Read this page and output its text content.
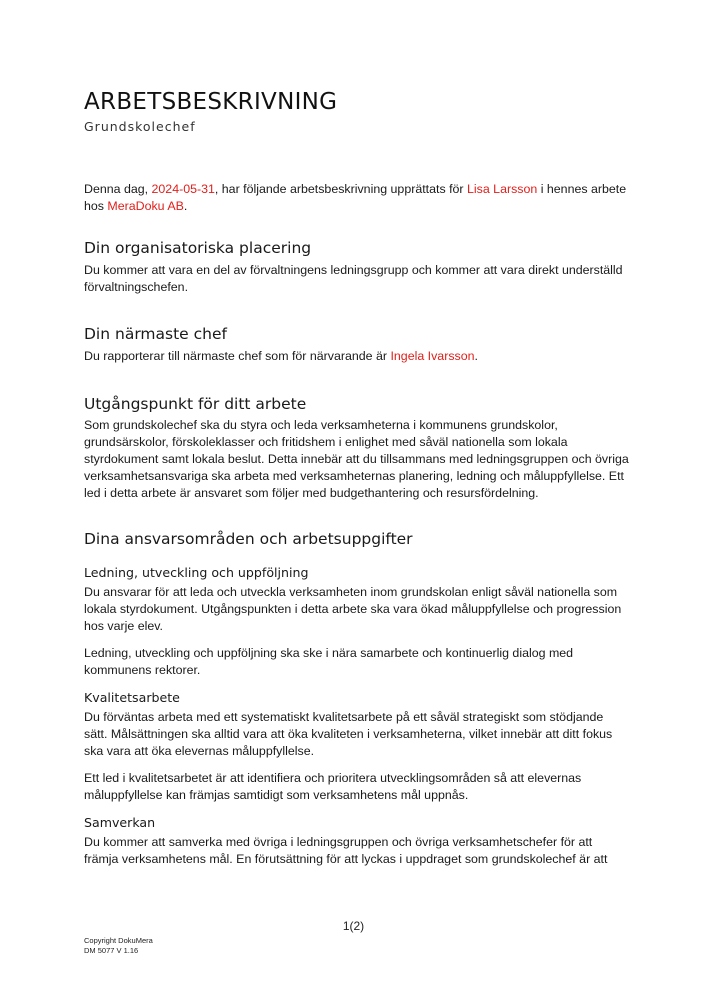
ARBETSBESKRIVNING
Grundskolechef

Denna dag, 2024-05-31, har följande arbetsbeskrivning upprättats för Lisa Larsson i hennes arbete hos MeraDoku AB.

Din organisatoriska placering

Du kommer att vara en del av förvaltningens ledningsgrupp och kommer att vara direkt underställd förvaltningschefen.

Din närmaste chef

Du rapporterar till närmaste chef som för närvarande är Ingela Ivarsson.

Utgångspunkt för ditt arbete

Som grundskolechef ska du styra och leda verksamheterna i kommunens grundskolor, grundsärskolor, förskoleklasser och fritidshem i enlighet med såväl nationella som lokala styrdokument samt lokala beslut. Detta innebär att du tillsammans med ledningsgruppen och övriga verksamhetsansvariga ska arbeta med verksamheternas planering, ledning och måluppfyllelse. Ett led i detta arbete är ansvaret som följer med budgethantering och resursfördelning.

Dina ansvarsområden och arbetsuppgifter
Ledning, utveckling och uppföljning

Du ansvarar för att leda och utveckla verksamheten inom grundskolan enligt såväl nationella som lokala styrdokument. Utgångspunkten i detta arbete ska vara ökad måluppfyllelse och progression hos varje elev.

Ledning, utveckling och uppföljning ska ske i nära samarbete och kontinuerlig dialog med kommunens rektorer.

Kvalitetsarbete

Du förväntas arbeta med ett systematiskt kvalitetsarbete på ett såväl strategiskt som stödjande sätt. Målsättningen ska alltid vara att öka kvaliteten i verksamheterna, vilket innebär att ditt fokus ska vara att öka elevernas måluppfyllelse.

Ett led i kvalitetsarbetet är att identifiera och prioritera utvecklingsområden så att elevernas måluppfyllelse kan främjas samtidigt som verksamhetens mål uppnås.

Samverkan

Du kommer att samverka med övriga i ledningsgruppen och övriga verksamhetschefer för att främja verksamhetens mål. En förutsättning för att lyckas i uppdraget som grundskolechef är att

1(2)
Copyright DokuMera
DM 5077 V 1.16
